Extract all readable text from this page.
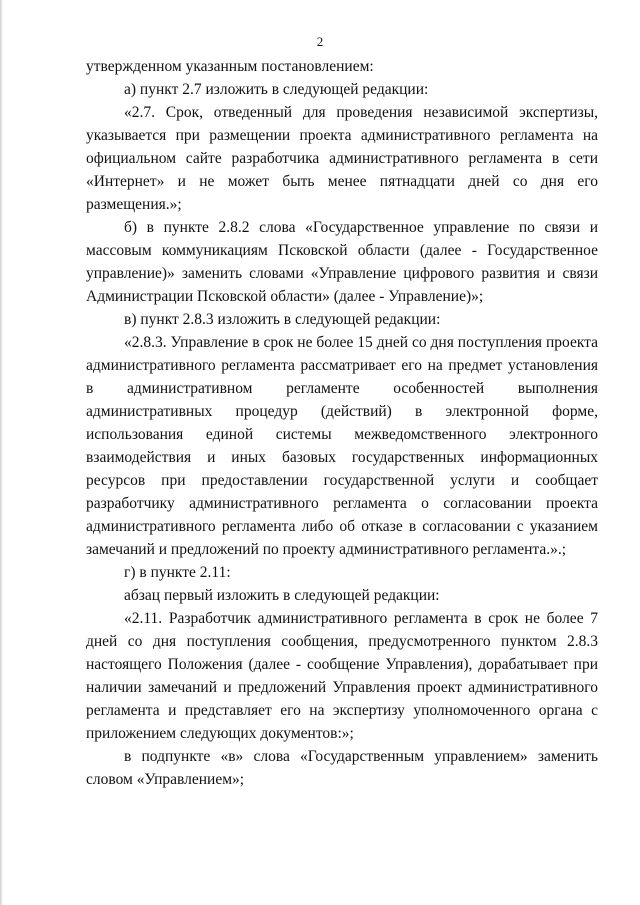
2

утвержденном указанным постановлением:

а) пункт 2.7 изложить в следующей редакции:

«2.7. Срок, отведенный для проведения независимой экспертизы, указывается при размещении проекта административного регламента на официальном сайте разработчика административного регламента в сети «Интернет» и не может быть менее пятнадцати дней со дня его размещения.»;

б) в пункте 2.8.2 слова «Государственное управление по связи и массовым коммуникациям Псковской области (далее - Государственное управление)» заменить словами «Управление цифрового развития и связи Администрации Псковской области» (далее - Управление)»;

в) пункт 2.8.3 изложить в следующей редакции:

«2.8.3. Управление в срок не более 15 дней со дня поступления проекта административного регламента рассматривает его на предмет установления в административном регламенте особенностей выполнения административных процедур (действий) в электронной форме, использования единой системы межведомственного электронного взаимодействия и иных базовых государственных информационных ресурсов при предоставлении государственной услуги и сообщает разработчику административного регламента о согласовании проекта административного регламента либо об отказе в согласовании с указанием замечаний и предложений по проекту административного регламента.».;

г) в пункте 2.11:

абзац первый изложить в следующей редакции:

«2.11. Разработчик административного регламента в срок не более 7 дней со дня поступления сообщения, предусмотренного пунктом 2.8.3 настоящего Положения (далее - сообщение Управления), дорабатывает при наличии замечаний и предложений Управления проект административного регламента и представляет его на экспертизу уполномоченного органа с приложением следующих документов:»;

в подпункте «в» слова «Государственным управлением» заменить словом «Управлением»;
